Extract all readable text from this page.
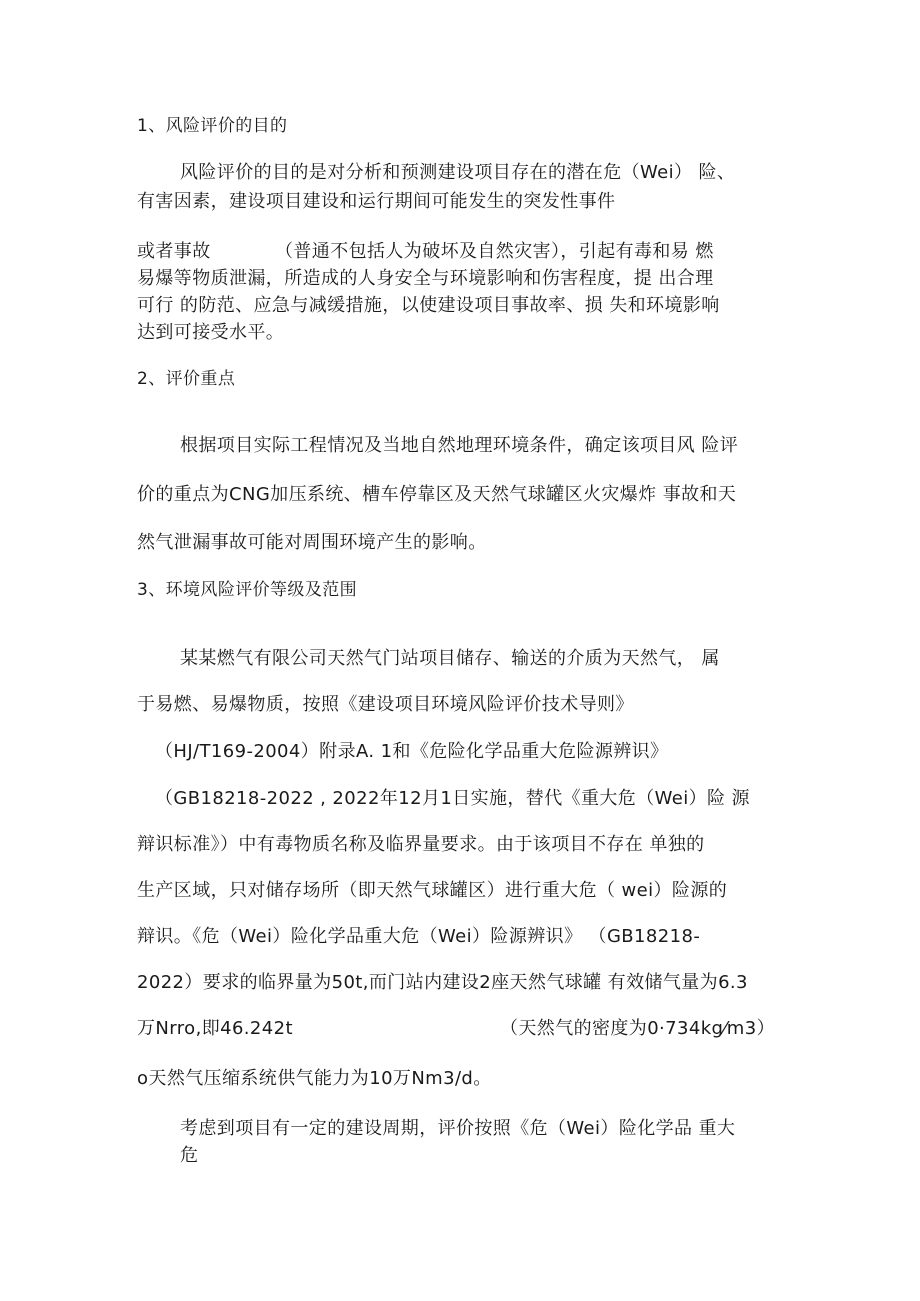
1、风险评价的目的
风险评价的目的是对分析和预测建设项目存在的潜在危（Wei） 险、
有害因素，建设项目建设和运行期间可能发生的突发性事件
或者事故	（普通不包括人为破坏及自然灾害），引起有毒和易 燃
易爆等物质泄漏，所造成的人身安全与环境影响和伤害程度，提 出合理
可行 的防范、应急与减缓措施，以使建设项目事故率、损 失和环境影响
达到可接受水平。
2、评价重点
根据项目实际工程情况及当地自然地理环境条件，确定该项目风 险评
价的重点为CNG加压系统、槽车停靠区及天然气球罐区火灾爆炸 事故和天
然气泄漏事故可能对周围环境产生的影响。
3、环境风险评价等级及范围
某某燃气有限公司天然气门站项目储存、输送的介质为天然气， 属
于易燃、易爆物质，按照《建设项目环境风险评价技术导则》
（HJ/T169-2004）附录A. 1和《危险化学品重大危险源辨识》
（GB18218-2022 , 2022年12月1日实施，替代《重大危（Wei）险 源
辩识标准》）中有毒物质名称及临界量要求。由于该项目不存在 单独的
生产区域，只对储存场所（即天然气球罐区）进行重大危（ wei）险源的
辩识。《危（Wei）险化学品重大危（Wei）险源辨识》 （GB18218-
2022）要求的临界量为50t,而门站内建设2座天然气球罐 有效储气量为6.3
万Nrro,即46.242t	（天然气的密度为0·734kg⁄m3）
o天然气压缩系统供气能力为10万Nm3/d。
考虑到项目有一定的建设周期，评价按照《危（Wei）险化学品 重大
危
